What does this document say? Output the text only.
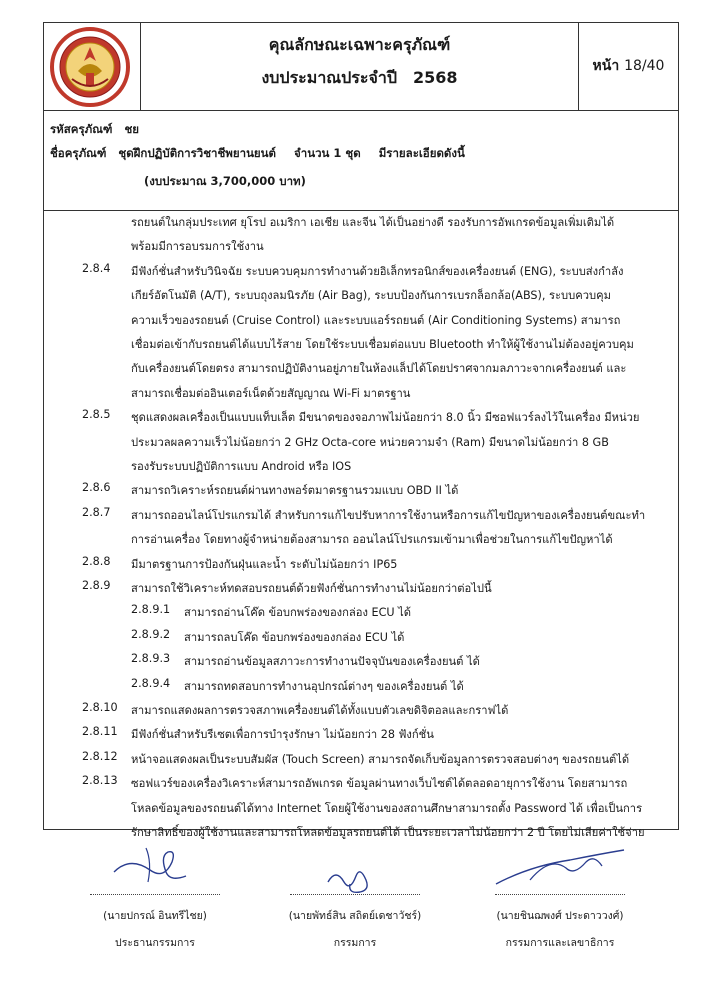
คุณลักษณะเฉพาะครุภัณฑ์
งบประมาณประจำปี 2568
หน้า 18/40
รหัสครุภัณฑ์ ชย
ชื่อครุภัณฑ์ ชุดฝึกปฏิบัติการวิชาชีพยานยนต์ จำนวน 1 ชุด มีรายละเอียดดังนี้
(งบประมาณ 3,700,000 บาท)
รถยนต์ในกลุ่มประเทศ ยุโรป อเมริกา เอเชีย และจีน ได้เป็นอย่างดี รองรับการอัพเกรดข้อมูลเพิ่มเติมได้
พร้อมมีการอบรมการใช้งาน
2.8.4 มีฟังก์ชั่นสำหรับวินิจฉัย ระบบควบคุมการทำงานด้วยอิเล็กทรอนิกส์ของเครื่องยนต์ (ENG), ระบบส่งกำลัง
เกียร์อัตโนมัติ (A/T), ระบบถุงลมนิรภัย (Air Bag), ระบบป้องกันการเบรกล็อกล้อ(ABS), ระบบควบคุม
ความเร็วของรถยนต์ (Cruise Control) และระบบแอร์รถยนต์ (Air Conditioning Systems) สามารถ
เชื่อมต่อเข้ากับรถยนต์ได้แบบไร้สาย โดยใช้ระบบเชื่อมต่อแบบ Bluetooth ทำให้ผู้ใช้งานไม่ต้องอยู่ควบคุม
กับเครื่องยนต์โดยตรง สามารถปฏิบัติงานอยู่ภายในห้องแล็ปได้โดยปราศจากมลภาวะจากเครื่องยนต์ และ
สามารถเชื่อมต่ออินเตอร์เน็ตด้วยสัญญาณ Wi-Fi มาตรฐาน
2.8.5 ชุดแสดงผลเครื่องเป็นแบบแท็บเล็ต มีขนาดของจอภาพไม่น้อยกว่า 8.0 นิ้ว มีซอฟแวร์ลงไว้ในเครื่อง มีหน่วย
ประมวลผลความเร็วไม่น้อยกว่า 2 GHz Octa-core หน่วยความจำ (Ram) มีขนาดไม่น้อยกว่า 8 GB
รองรับระบบปฏิบัติการแบบ Android หรือ IOS
2.8.6 สามารถวิเคราะห์รถยนต์ผ่านทางพอร์ตมาตรฐานรวมแบบ OBD II ได้
2.8.7 สามารถออนไลน์โปรแกรมได้ สำหรับการแก้ไขปรับหาการใช้งานหรือการแก้ไขปัญหาของเครื่องยนต์ขณะทำ
การอ่านเครื่อง โดยทางผู้จำหน่ายต้องสามารถ ออนไลน์โปรแกรมเข้ามาเพื่อช่วยในการแก้ไขปัญหาได้
2.8.8 มีมาตรฐานการป้องกันฝุ่นและน้ำ ระดับไม่น้อยกว่า IP65
2.8.9 สามารถใช้วิเคราะห์ทดสอบรถยนต์ด้วยฟังก์ชั่นการทำงานไม่น้อยกว่าต่อไปนี้
2.8.9.1 สามารถอ่านโค๊ด ข้อบกพร่องของกล่อง ECU ได้
2.8.9.2 สามารถลบโค๊ด ข้อบกพร่องของกล่อง ECU ได้
2.8.9.3 สามารถอ่านข้อมูลสภาวะการทำงานปัจจุบันของเครื่องยนต์ ได้
2.8.9.4 สามารถทดสอบการทำงานอุปกรณ์ต่างๆ ของเครื่องยนต์ ได้
2.8.10 สามารถแสดงผลการตรวจสภาพเครื่องยนต์ได้ทั้งแบบตัวเลขดิจิตอลและกราฟได้
2.8.11 มีฟังก์ชั่นสำหรับรีเซตเพื่อการบำรุงรักษา ไม่น้อยกว่า 28 ฟังก์ชั่น
2.8.12 หน้าจอแสดงผลเป็นระบบสัมผัส (Touch Screen) สามารถจัดเก็บข้อมูลการตรวจสอบต่างๆ ของรถยนต์ได้
2.8.13 ซอฟแวร์ของเครื่องวิเคราะห์สามารถอัพเกรด ข้อมูลผ่านทางเว็บไซต์ได้ตลอดอายุการใช้งาน โดยสามารถ
โหลดข้อมูลของรถยนต์ได้ทาง Internet โดยผู้ใช้งานของสถานศึกษาสามารถตั้ง Password ได้ เพื่อเป็นการ
รักษาสิทธิ์ของผู้ใช้งานและสามารถโหลดข้อมูลรถยนต์ได้ เป็นระยะเวลาไม่น้อยกว่า 2 ปี โดยไม่เสียค่าใช้จ่าย
(นายปกรณ์ อินทรีไชย)
ประธานกรรมการ
(นายพัทธ์สิน สถิตย์เดชาวัชร์)
กรรมการ
(นายชินฌพงศ์ ประดาววงศ์)
กรรมการและเลขาธิการ
